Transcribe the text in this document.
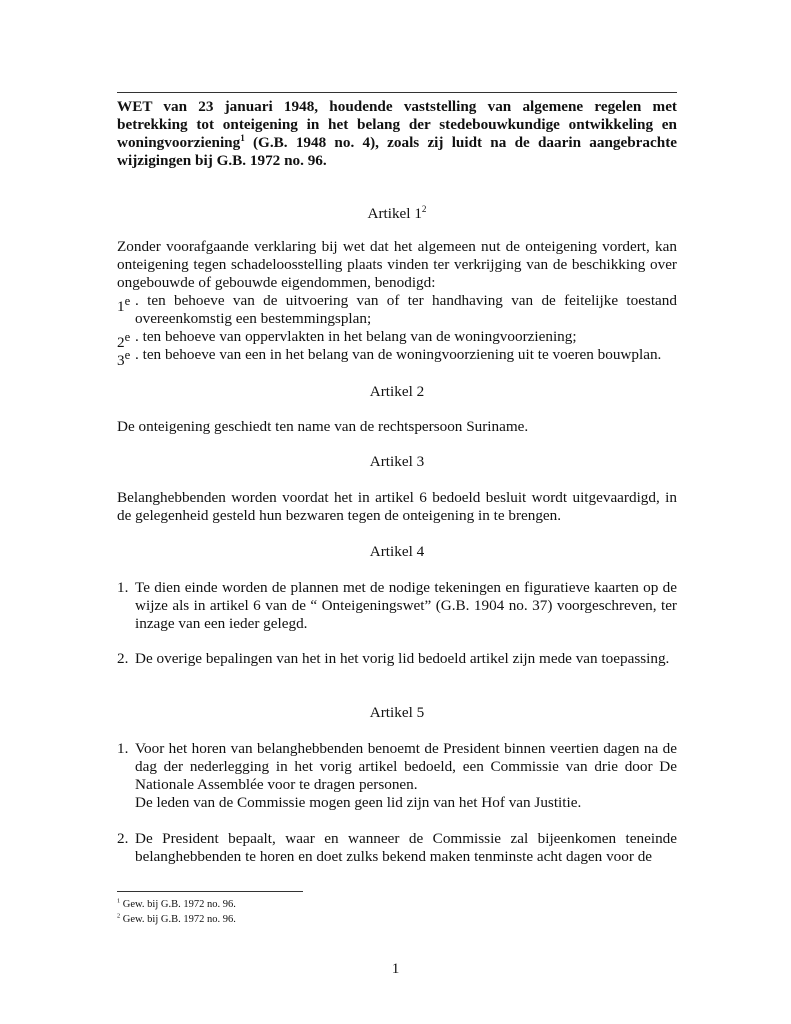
WET van 23 januari 1948, houdende vaststelling van algemene regelen met betrekking tot onteigening in het belang der stedebouwkundige ontwikkeling en woningvoorziening$^1$ (G.B. 1948 no. 4), zoals zij luidt na de daarin aangebrachte wijzigingen bij G.B. 1972 no. 96.
Artikel $1^2$
Zonder voorafgaande verklaring bij wet dat het algemeen nut de onteigening vordert, kan onteigening tegen schadeloosstelling plaats vinden ter verkrijging van de beschikking over ongebouwde of gebouwde eigendommen, benodigd:
1e . ten behoeve van de uitvoering van of ter handhaving van de feitelijke toestand overeenkomstig een bestemmingsplan;
2e . ten behoeve van oppervlakten in het belang van de woningvoorziening;
3e . ten behoeve van een in het belang van de woningvoorziening uit te voeren bouwplan.
Artikel 2
De onteigening geschiedt ten name van de rechtspersoon Suriname.
Artikel 3
Belanghebbenden worden voordat het in artikel 6 bedoeld besluit wordt uitgevaardigd, in de gelegenheid gesteld hun bezwaren tegen de onteigening in te brengen.
Artikel 4
1. Te dien einde worden de plannen met de nodige tekeningen en figuratieve kaarten op de wijze als in artikel 6 van de “ Onteigeningswet” (G.B. 1904 no. 37) voorgeschreven, ter inzage van een ieder gelegd.
2. De overige bepalingen van het in het vorig lid bedoeld artikel zijn mede van toepassing.
Artikel 5
1. Voor het horen van belanghebbenden benoemt de President binnen veertien dagen na de dag der nederlegging in het vorig artikel bedoeld, een Commissie van drie door De Nationale Assemblée voor te dragen personen.
De leden van de Commissie mogen geen lid zijn van het Hof van Justitie.
2. De President bepaalt, waar en wanneer de Commissie zal bijeenkomen teneinde belanghebbenden te horen en doet zulks bekend maken tenminste acht dagen voor de
$^1$ Gew. bij G.B. 1972 no. 96.
$^2$ Gew. bij G.B. 1972 no. 96.
1
